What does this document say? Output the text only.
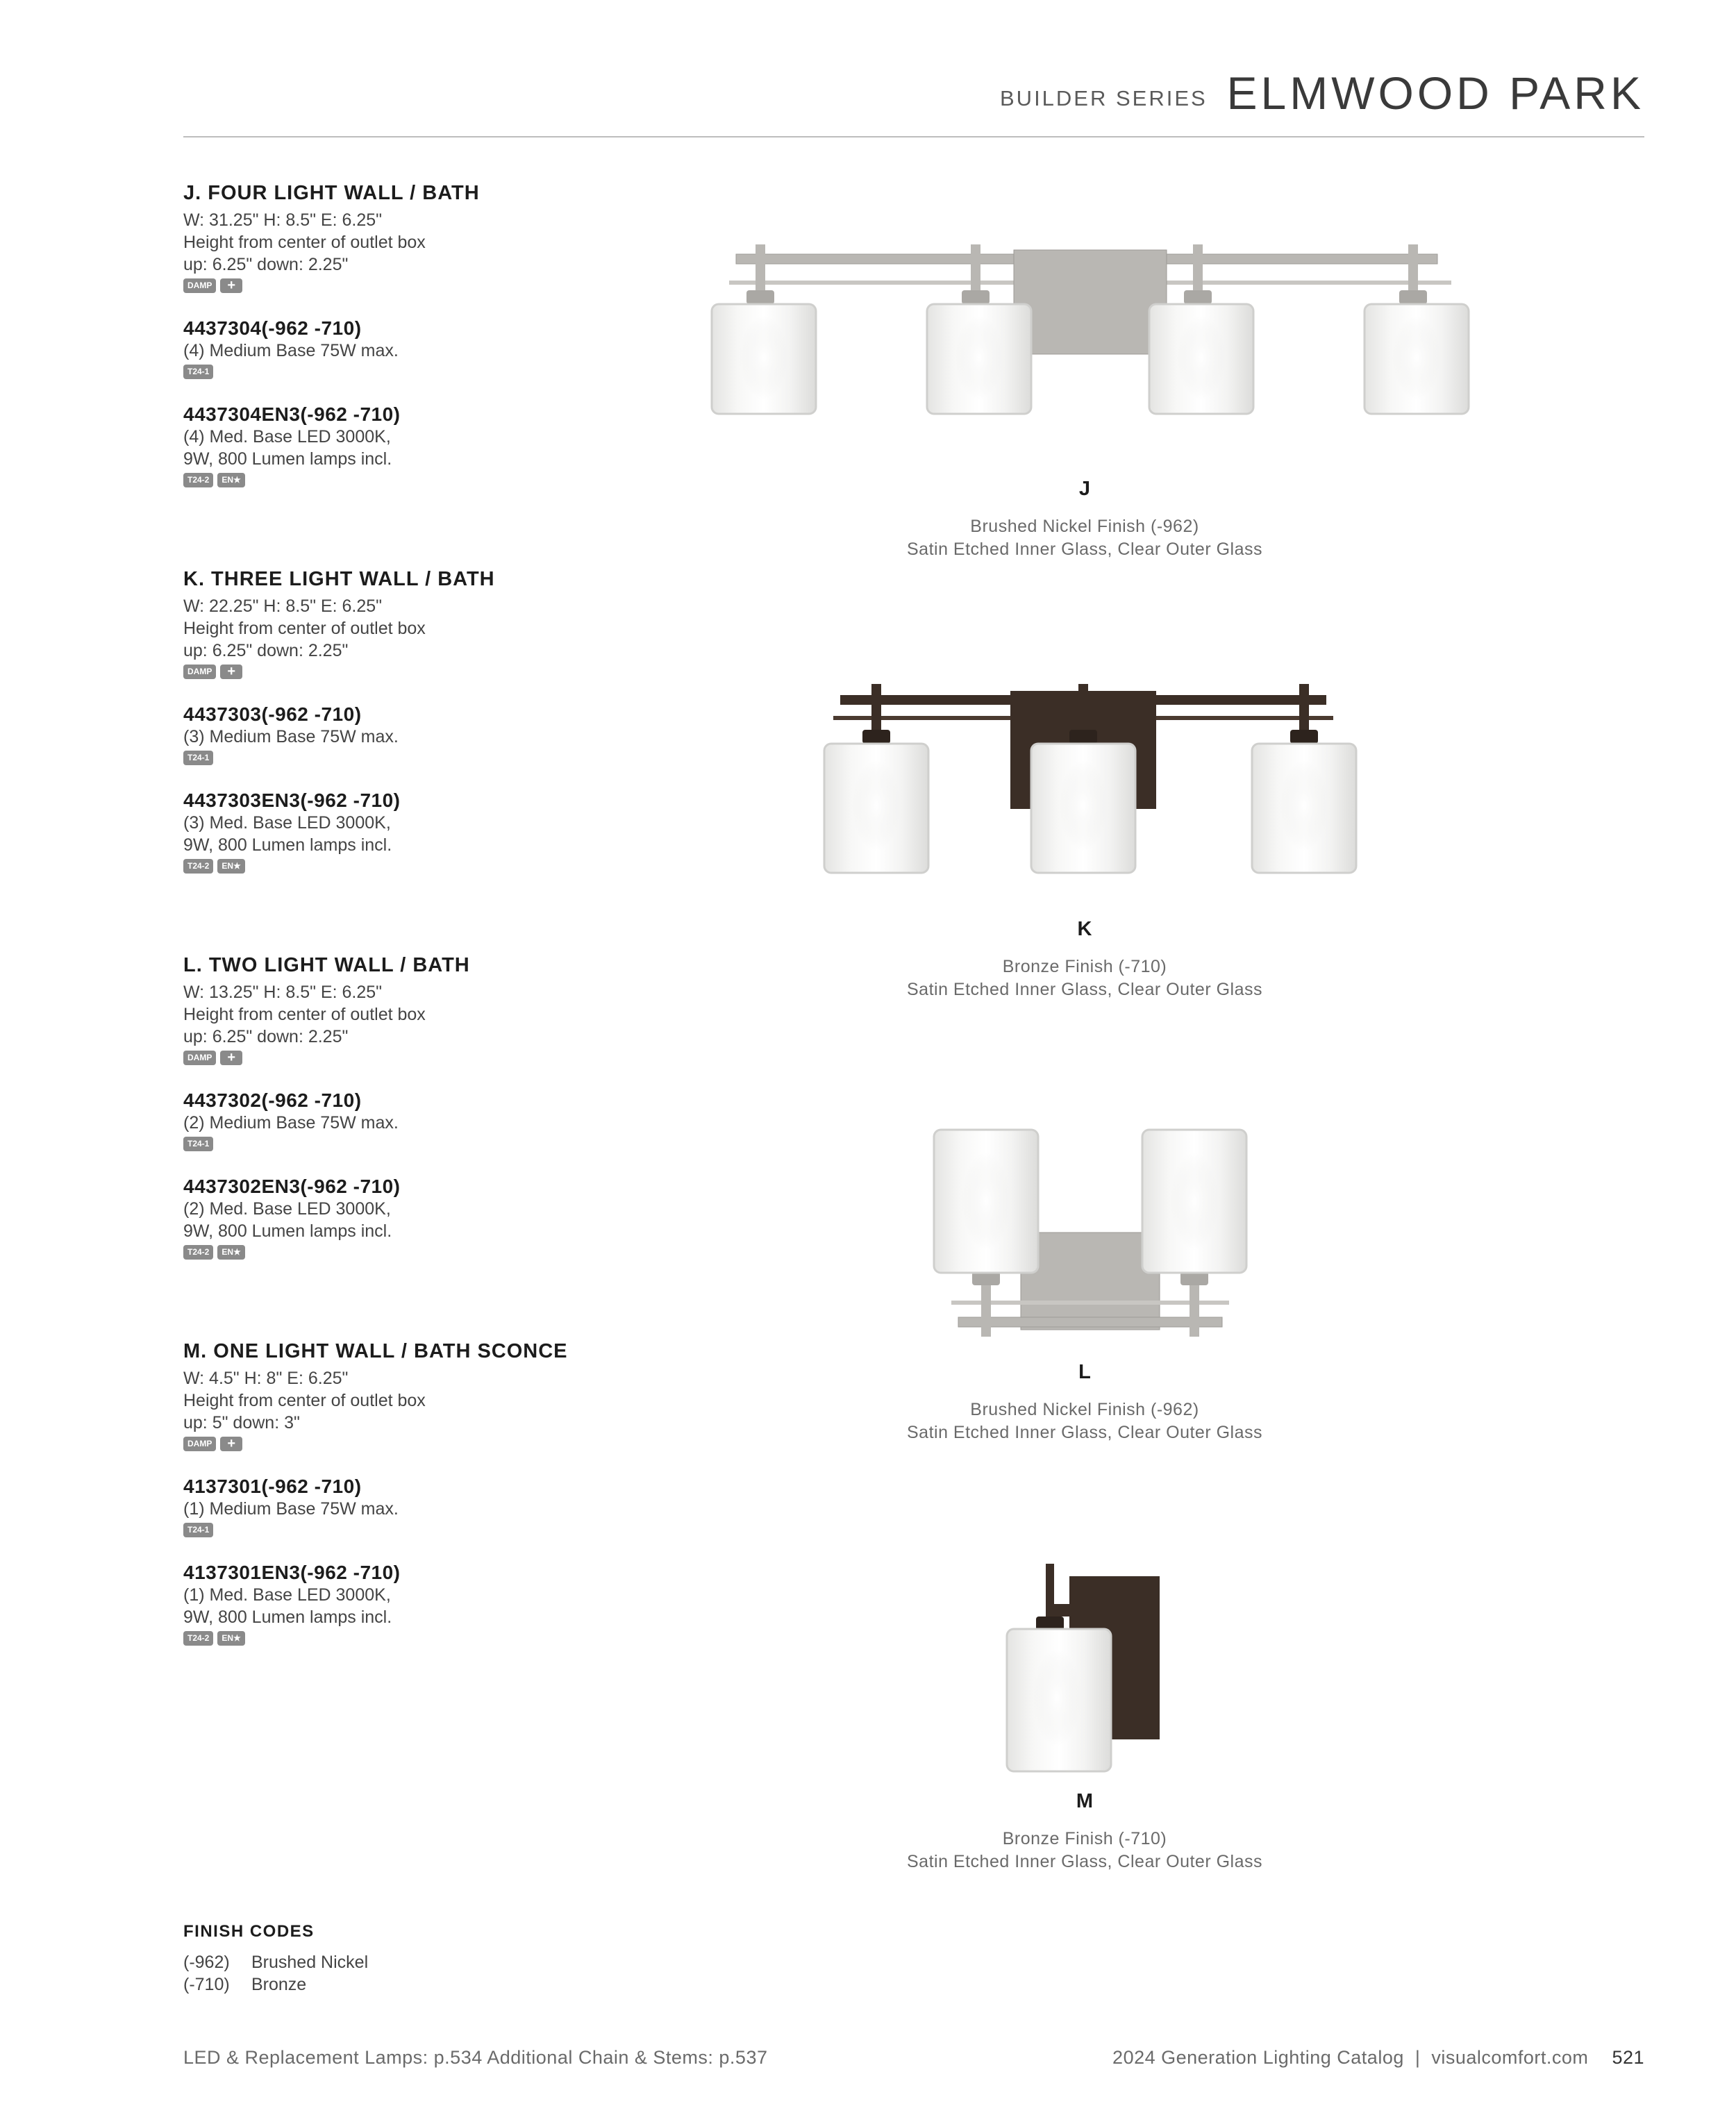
BUILDER SERIES ELMWOOD PARK
J. FOUR LIGHT WALL / BATH
W: 31.25" H: 8.5" E: 6.25"
Height from center of outlet box
up: 6.25" down: 2.25"
DAMP	+
4437304(-962 -710)
(4) Medium Base 75W max.
T24-1
4437304EN3(-962 -710)
(4) Med. Base LED 3000K,
9W, 800 Lumen lamps incl.
T24-2	EN★
K. THREE LIGHT WALL / BATH
W: 22.25" H: 8.5" E: 6.25"
Height from center of outlet box
up: 6.25" down: 2.25"
DAMP	+
4437303(-962 -710)
(3) Medium Base 75W max.
T24-1
4437303EN3(-962 -710)
(3) Med. Base LED 3000K,
9W, 800 Lumen lamps incl.
T24-2	EN★
L. TWO LIGHT WALL / BATH
W: 13.25" H: 8.5" E: 6.25"
Height from center of outlet box
up: 6.25" down: 2.25"
DAMP	+
4437302(-962 -710)
(2) Medium Base 75W max.
T24-1
4437302EN3(-962 -710)
(2) Med. Base LED 3000K,
9W, 800 Lumen lamps incl.
T24-2	EN★
M. ONE LIGHT WALL / BATH SCONCE
W: 4.5" H: 8" E: 6.25"
Height from center of outlet box
up: 5" down: 3"
DAMP	+
4137301(-962 -710)
(1) Medium Base 75W max.
T24-1
4137301EN3(-962 -710)
(1) Med. Base LED 3000K,
9W, 800 Lumen lamps incl.
T24-2	EN★
J
Brushed Nickel Finish (-962)
Satin Etched Inner Glass, Clear Outer Glass
K
Bronze Finish (-710)
Satin Etched Inner Glass, Clear Outer Glass
L
Brushed Nickel Finish (-962)
Satin Etched Inner Glass, Clear Outer Glass
M
Bronze Finish (-710)
Satin Etched Inner Glass, Clear Outer Glass
FINISH CODES
(-962) Brushed Nickel
(-710) Bronze
LED & Replacement Lamps: p.534 Additional Chain & Stems: p.537	2024 Generation Lighting Catalog  |  visualcomfort.com 521
